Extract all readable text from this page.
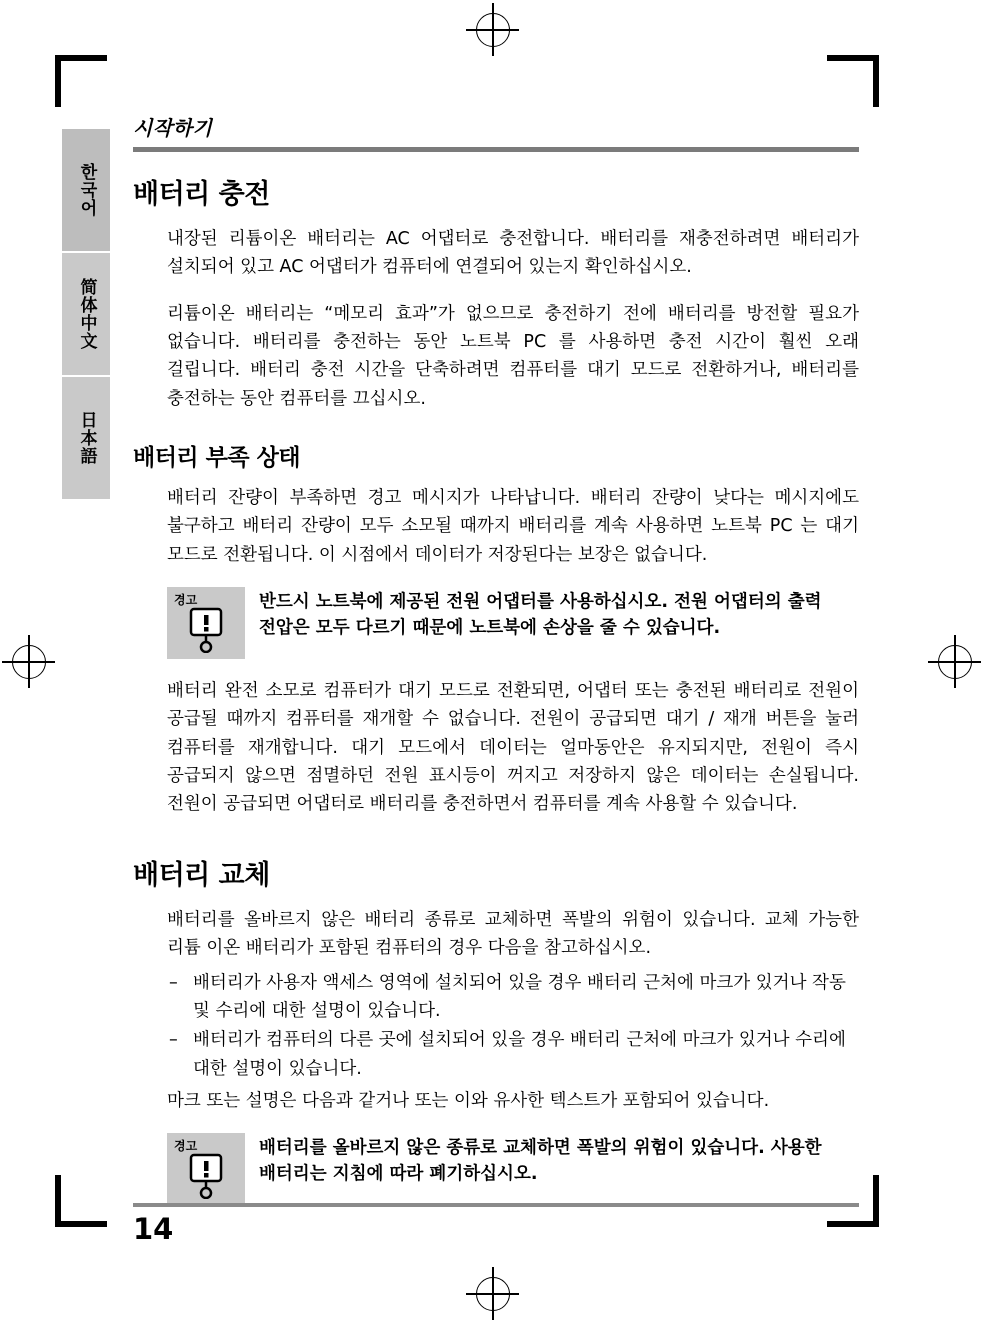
한국어
简体中文
日本語
시작하기
배터리 충전

내장된 리튬이온 배터리는 AC 어댑터로 충전합니다. 배터리를 재충전하려면 배터리가 설치되어 있고 AC 어댑터가 컴퓨터에 연결되어 있는지 확인하십시오.

리튬이온 배터리는 “메모리 효과”가 없으므로 충전하기 전에 배터리를 방전할 필요가 없습니다. 배터리를 충전하는 동안 노트북 PC 를 사용하면 충전 시간이 훨씬 오래 걸립니다. 배터리 충전 시간을 단축하려면 컴퓨터를 대기 모드로 전환하거나, 배터리를 충전하는 동안 컴퓨터를 끄십시오.

배터리 부족 상태

배터리 잔량이 부족하면 경고 메시지가 나타납니다. 배터리 잔량이 낮다는 메시지에도 불구하고 배터리 잔량이 모두 소모될 때까지 배터리를 계속 사용하면 노트북 PC 는 대기 모드로 전환됩니다. 이 시점에서 데이터가 저장된다는 보장은 없습니다.

경고	반드시 노트북에 제공된 전원 어댑터를 사용하십시오. 전원 어댑터의 출력 전압은 모두 다르기 때문에 노트북에 손상을 줄 수 있습니다.

배터리 완전 소모로 컴퓨터가 대기 모드로 전환되면, 어댑터 또는 충전된 배터리로 전원이 공급될 때까지 컴퓨터를 재개할 수 없습니다. 전원이 공급되면 대기 / 재개 버튼을 눌러 컴퓨터를 재개합니다. 대기 모드에서 데이터는 얼마동안은 유지되지만, 전원이 즉시 공급되지 않으면 점멸하던 전원 표시등이 꺼지고 저장하지 않은 데이터는 손실됩니다. 전원이 공급되면 어댑터로 배터리를 충전하면서 컴퓨터를 계속 사용할 수 있습니다.

배터리 교체

배터리를 올바르지 않은 배터리 종류로 교체하면 폭발의 위험이 있습니다. 교체 가능한 리튬 이온 배터리가 포함된 컴퓨터의 경우 다음을 참고하십시오.

– 배터리가 사용자 액세스 영역에 설치되어 있을 경우 배터리 근처에 마크가 있거나 작동 및 수리에 대한 설명이 있습니다.
– 배터리가 컴퓨터의 다른 곳에 설치되어 있을 경우 배터리 근처에 마크가 있거나 수리에 대한 설명이 있습니다.

마크 또는 설명은 다음과 같거나 또는 이와 유사한 텍스트가 포함되어 있습니다.

경고	배터리를 올바르지 않은 종류로 교체하면 폭발의 위험이 있습니다. 사용한 배터리는 지침에 따라 폐기하십시오.
14
